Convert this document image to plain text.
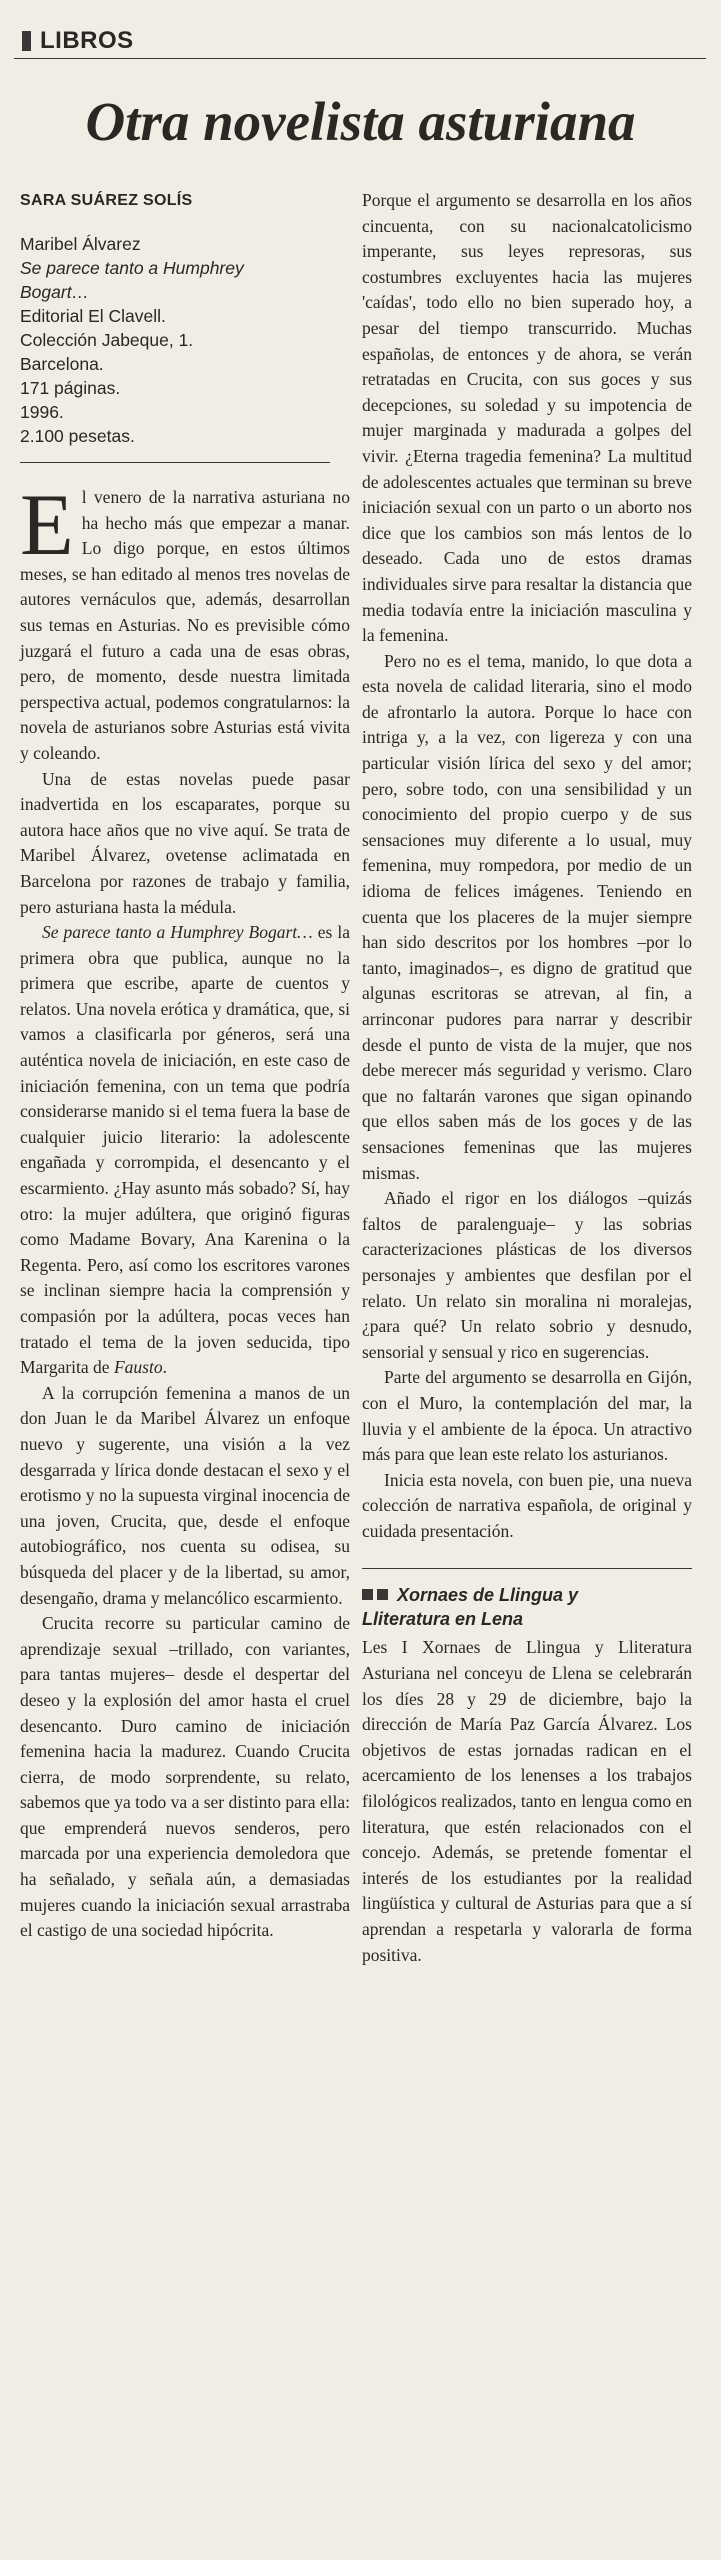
LIBROS
Otra novelista asturiana
SARA SUÁREZ SOLÍS
Maribel Álvarez
Se parece tanto a Humphrey
Bogart…
Editorial El Clavell.
Colección Jabeque, 1.
Barcelona.
171 páginas.
1996.
2.100 pesetas.

El venero de la narrativa asturiana no ha hecho más que empezar a manar. Lo digo porque, en estos últimos meses, se han editado al menos tres novelas de autores vernáculos que, además, desarrollan sus temas en Asturias. No es previsible cómo juzgará el futuro a cada una de esas obras, pero, de momento, desde nuestra limitada perspectiva actual, podemos congratularnos: la novela de asturianos sobre Asturias está vivita y coleando.

Una de estas novelas puede pasar inadvertida en los escaparates, porque su autora hace años que no vive aquí. Se trata de Maribel Álvarez, ovetense aclimatada en Barcelona por razones de trabajo y familia, pero asturiana hasta la médula.

Se parece tanto a Humphrey Bogart… es la primera obra que publica, aunque no la primera que escribe, aparte de cuentos y relatos. Una novela erótica y dramática, que, si vamos a clasificarla por géneros, será una auténtica novela de iniciación, en este caso de iniciación femenina, con un tema que podría considerarse manido si el tema fuera la base de cualquier juicio literario: la adolescente engañada y corrompida, el desencanto y el escarmiento. ¿Hay asunto más sobado? Sí, hay otro: la mujer adúltera, que originó figuras como Madame Bovary, Ana Karenina o la Regenta. Pero, así como los escritores varones se inclinan siempre hacia la comprensión y compasión por la adúltera, pocas veces han tratado el tema de la joven seducida, tipo Margarita de Fausto.

A la corrupción femenina a manos de un don Juan le da Maribel Álvarez un enfoque nuevo y sugerente, una visión a la vez desgarrada y lírica donde destacan el sexo y el erotismo y no la supuesta virginal inocencia de una joven, Crucita, que, desde el enfoque autobiográfico, nos cuenta su odisea, su búsqueda del placer y de la libertad, su amor, desengaño, drama y melancólico escarmiento.

Crucita recorre su particular camino de aprendizaje sexual –trillado, con variantes, para tantas mujeres– desde el despertar del deseo y la explosión del amor hasta el cruel desencanto. Duro camino de iniciación femenina hacia la madurez. Cuando Crucita cierra, de modo sorprendente, su relato, sabemos que ya todo va a ser distinto para ella: que emprenderá nuevos senderos, pero marcada por una experiencia demoledora que ha señalado, y señala aún, a demasiadas mujeres cuando la iniciación sexual arrastraba el castigo de una sociedad hipócrita.

Porque el argumento se desarrolla en los años cincuenta, con su nacionalcatolicismo imperante, sus leyes represoras, sus costumbres excluyentes hacia las mujeres 'caídas', todo ello no bien superado hoy, a pesar del tiempo transcurrido. Muchas españolas, de entonces y de ahora, se verán retratadas en Crucita, con sus goces y sus decepciones, su soledad y su impotencia de mujer marginada y madurada a golpes del vivir. ¿Eterna tragedia femenina? La multitud de adolescentes actuales que terminan su breve iniciación sexual con un parto o un aborto nos dice que los cambios son más lentos de lo deseado. Cada uno de estos dramas individuales sirve para resaltar la distancia que media todavía entre la iniciación masculina y la femenina.

Pero no es el tema, manido, lo que dota a esta novela de calidad literaria, sino el modo de afrontarlo la autora. Porque lo hace con intriga y, a la vez, con ligereza y con una particular visión lírica del sexo y del amor; pero, sobre todo, con una sensibilidad y un conocimiento del propio cuerpo y de sus sensaciones muy diferente a lo usual, muy femenina, muy rompedora, por medio de un idioma de felices imágenes. Teniendo en cuenta que los placeres de la mujer siempre han sido descritos por los hombres –por lo tanto, imaginados–, es digno de gratitud que algunas escritoras se atrevan, al fin, a arrinconar pudores para narrar y describir desde el punto de vista de la mujer, que nos debe merecer más seguridad y verismo. Claro que no faltarán varones que sigan opinando que ellos saben más de los goces y de las sensaciones femeninas que las mujeres mismas.

Añado el rigor en los diálogos –quizás faltos de paralenguaje– y las sobrias caracterizaciones plásticas de los diversos personajes y ambientes que desfilan por el relato. Un relato sin moralina ni moralejas, ¿para qué? Un relato sobrio y desnudo, sensorial y sensual y rico en sugerencias.

Parte del argumento se desarrolla en Gijón, con el Muro, la contemplación del mar, la lluvia y el ambiente de la época. Un atractivo más para que lean este relato los asturianos.

Inicia esta novela, con buen pie, una nueva colección de narrativa española, de original y cuidada presentación.

Xornaes de Llingua y
Lliteratura en Lena

Les I Xornaes de Llingua y Lliteratura Asturiana nel conceyu de Llena se celebrarán los díes 28 y 29 de diciembre, bajo la dirección de María Paz García Álvarez. Los objetivos de estas jornadas radican en el acercamiento de los lenenses a los trabajos filológicos realizados, tanto en lengua como en literatura, que estén relacionados con el concejo. Además, se pretende fomentar el interés de los estudiantes por la realidad lingüística y cultural de Asturias para que a sí aprendan a respetarla y valorarla de forma positiva.
